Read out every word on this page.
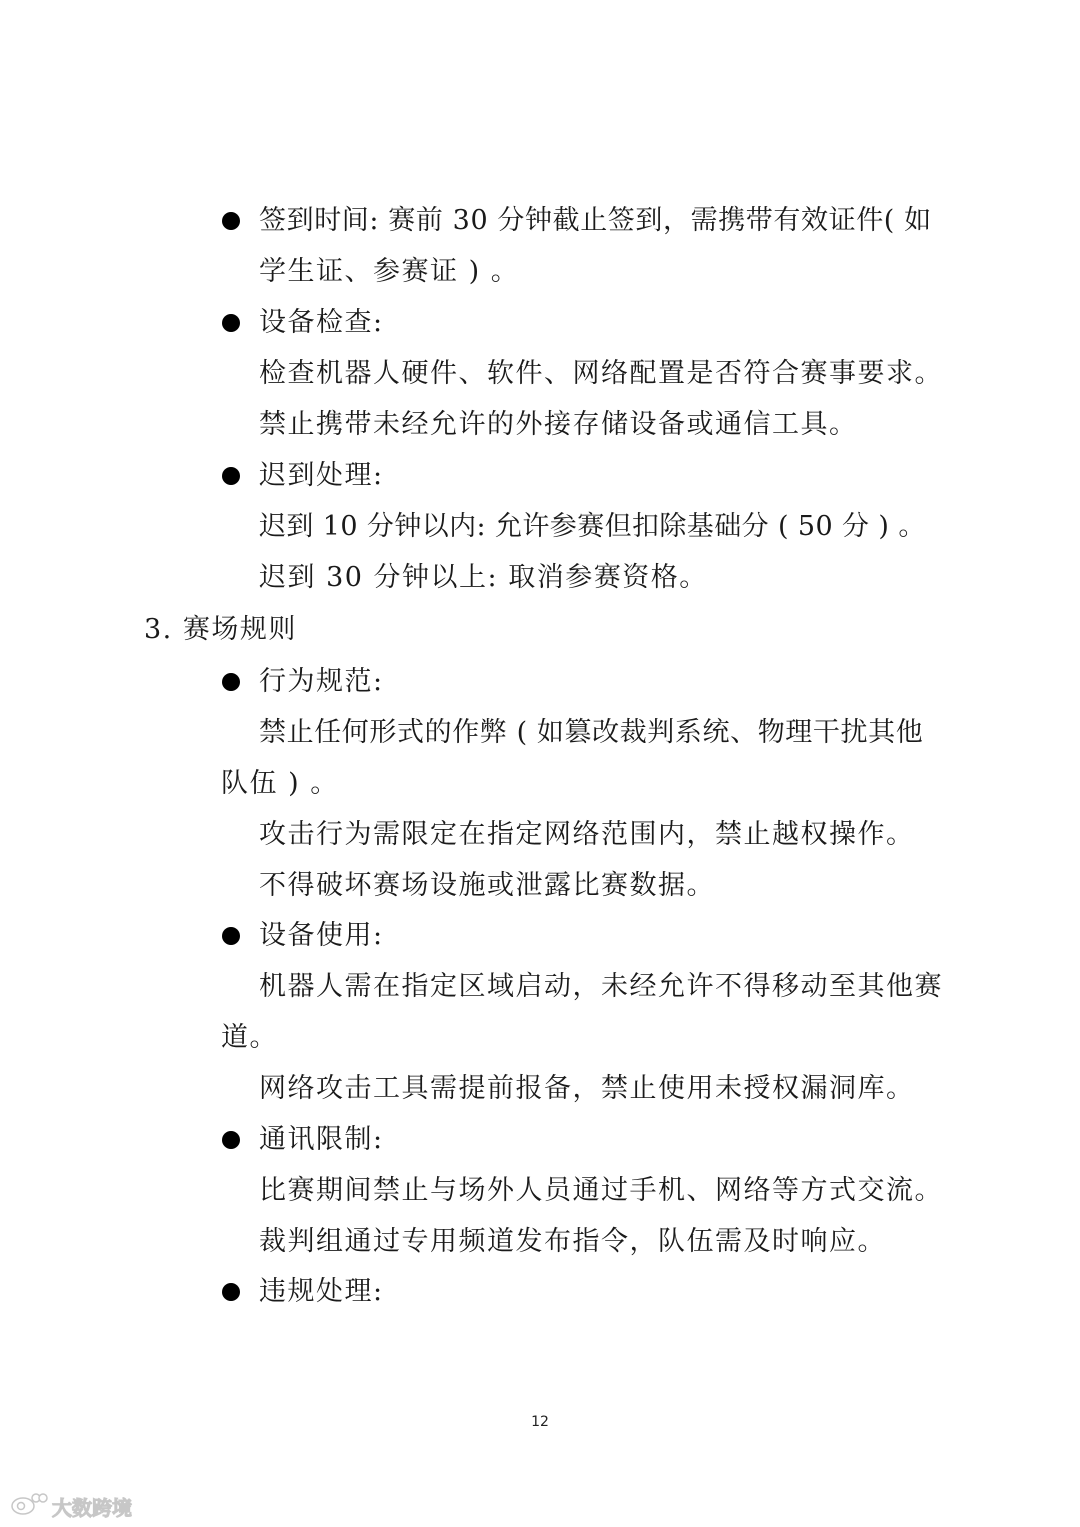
签到时间: 赛前 30 分钟截止签到，需携带有效证件( 如
学生证、参赛证 ) 。
设备检查:
检查机器人硬件、软件、网络配置是否符合赛事要求。
禁止携带未经允许的外接存储设备或通信工具。
迟到处理:
迟到 10 分钟以内: 允许参赛但扣除基础分 ( 50 分 ) 。
迟到 30 分钟以上: 取消参赛资格。
3. 赛场规则
行为规范:
禁止任何形式的作弊 ( 如篡改裁判系统、物理干扰其他
队伍 ) 。
攻击行为需限定在指定网络范围内，禁止越权操作。
不得破坏赛场设施或泄露比赛数据。
设备使用:
机器人需在指定区域启动，未经允许不得移动至其他赛
道。
网络攻击工具需提前报备，禁止使用未授权漏洞库。
通讯限制:
比赛期间禁止与场外人员通过手机、网络等方式交流。
裁判组通过专用频道发布指令，队伍需及时响应。
违规处理:
12
大数跨境
